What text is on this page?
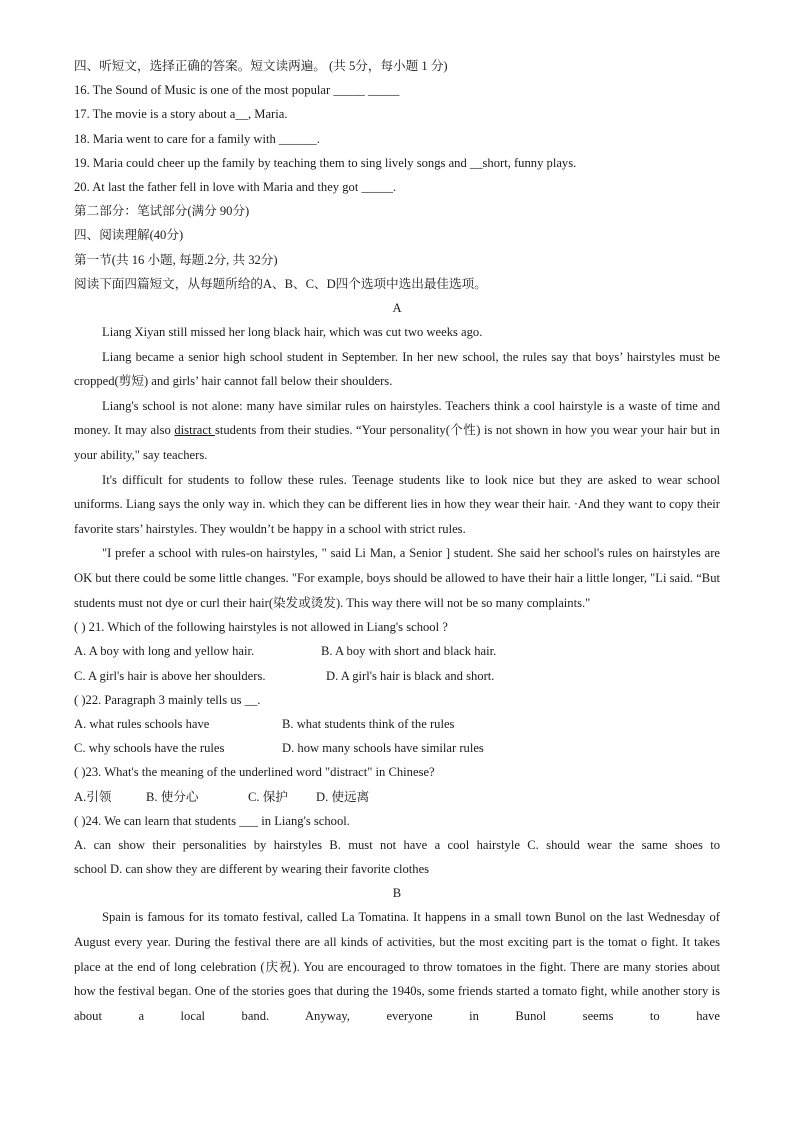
四、听短文，选择正确的答案。短文读两遍。 (共 5分，每小题 1 分)
16. The Sound of Music is one of the most popular _____ _____
17. The movie is a story about a__, Maria.
18. Maria went to care for a family with ______.
19. Maria could cheer up the family by teaching them to sing lively songs and __short, funny plays.
20. At last the father fell in love with Maria and they got _____.
第二部分：笔试部分(满分 90分)
四、阅读理解(40分)
第一节(共 16 小题, 每题.2分, 共 32分)
阅读下面四篇短文，从每题所给的A、B、C、D四个选项中选出最佳选项。
A
Liang Xiyan still missed her long black hair, which was cut two weeks ago.
Liang became a senior high school student in September. In her new school, the rules say that boys’ hairstyles must be cropped(剪短) and girls’ hair cannot fall below their shoulders.
Liang's school is not alone: many have similar rules on hairstyles. Teachers think a cool hairstyle is a waste of time and money. It may also distract students from their studies. “Your personality(个性) is not shown in how you wear your hair but in your ability," say teachers.
It's difficult for students to follow these rules. Teenage students like to look nice but they are asked to wear school uniforms. Liang says the only way in. which they can be different lies in how they wear their hair. ·And they want to copy their favorite stars’ hairstyles. They wouldn’t be happy in a school with strict rules.
"I prefer a school with rules-on hairstyles, " said Li Man, a Senior ] student. She said her school's rules on hairstyles are OK but there could be some little changes. "For example, boys should be allowed to have their hair a little longer, "Li said. “But students must not dye or curl their hair(染发或烫发). This way there will not be so many complaints."
( ) 21. Which of the following hairstyles is not allowed in Liang's school ?
A. A boy with long and yellow hair.	B. A boy with short and black hair.
C. A girl's hair is above her shoulders.	D. A girl's hair is black and short.
( )22. Paragraph 3 mainly tells us __.
A. what rules schools have	B. what students think of the rules
C. why schools have the rules	D. how many schools have similar rules
( )23. What's the meaning of the underlined word "distract" in Chinese?
A.引领	B. 使分心	C. 保护	D. 使远离
( )24. We can learn that students ___ in Liang's school.
A. can show their personalities by hairstyles B. must not have a cool hairstyle C. should wear the same shoes to
school D. can show they are different by wearing their favorite clothes
B
Spain is famous for its tomato festival, called La Tomatina. It happens in a small town Bunol on the last Wednesday of August every year. During the festival there are all kinds of activities, but the most exciting part is the tomat o fight. It takes place at the end of long celebration (庆祝). You are encouraged to throw tomatoes in the fight. There are many stories about how the festival began. One of the stories goes that during the 1940s, some friends started a tomato fight, while another story is about a local band. Anyway, everyone in Bunol seems to have
